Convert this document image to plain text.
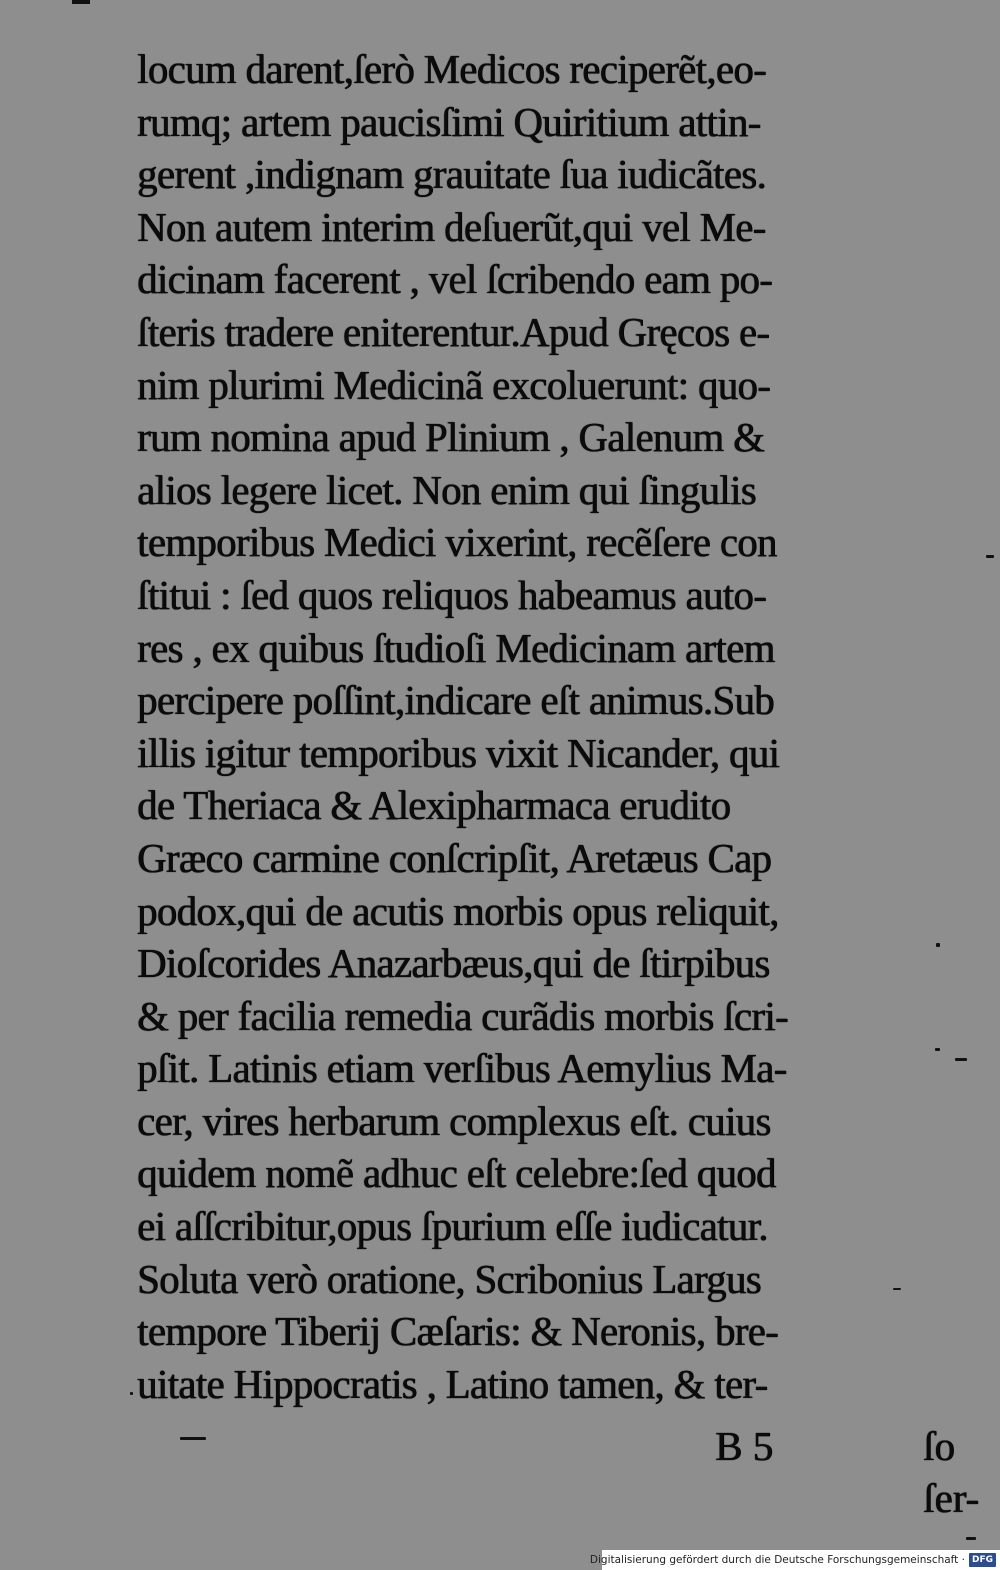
locum darent,ſerò Medicos reciperẽt,eo-
rumq; artem paucisſimi Quiritium attin-
gerent ,indignam grauitate ſua iudicãtes.
Non autem interim deſuerũt,qui vel Me-
dicinam facerent , vel ſcribendo eam po-
ſteris tradere eniterentur.Apud Gręcos e-
nim plurimi Medicinã excoluerunt: quo-
rum nomina apud Plinium , Galenum &
alios legere licet. Non enim qui ſingulis
temporibus Medici vixerint, recẽſere con
ſtitui : ſed quos reliquos habeamus auto-
res , ex quibus ſtudioſi Medicinam artem
percipere poſſint,indicare eſt animus.Sub
illis igitur temporibus vixit Nicander, qui
de Theriaca & Alexipharmaca erudito
Græco carmine conſcripſit, Aretæus Cap
podox,qui de acutis morbis opus reliquit,
Dioſcorides Anazarbæus,qui de ſtirpibus
& per facilia remedia curãdis morbis ſcri-
pſit. Latinis etiam verſibus Aemylius Ma-
cer, vires herbarum complexus eſt. cuius
quidem nomẽ adhuc eſt celebre:ſed quod
ei aſſcribitur,opus ſpurium eſſe iudicatur.
Soluta verò oratione, Scribonius Largus
tempore Tiberij Cæſaris: & Neronis, bre-
uitate Hippocratis , Latino tamen, & ter-
B 5	ſo ſer-
Digitalisierung gefördert durch die Deutsche Forschungsgemeinschaft · DFG
